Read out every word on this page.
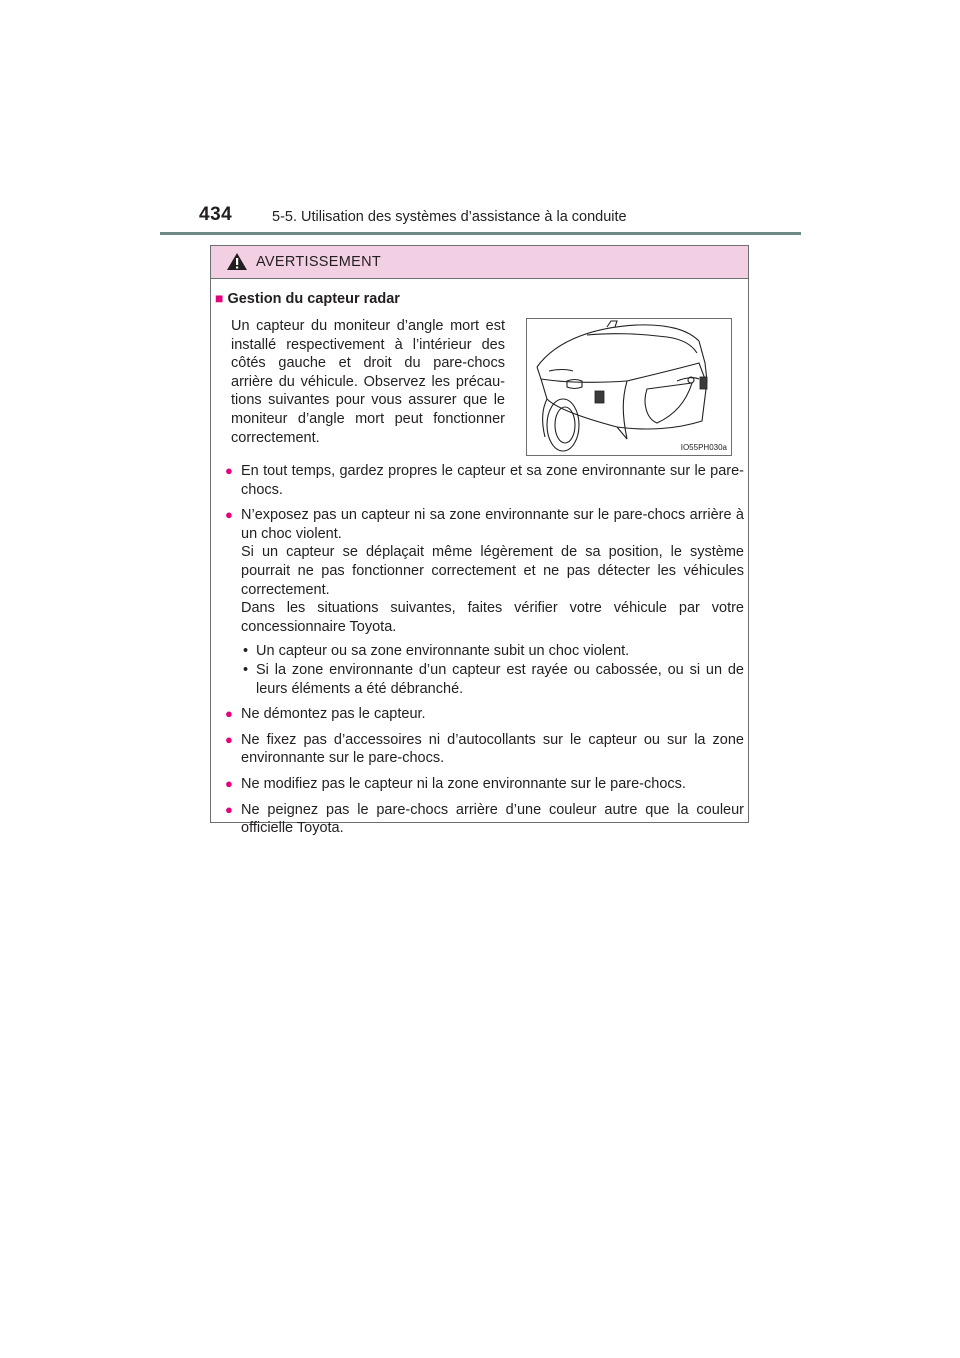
434	5-5. Utilisation des systèmes d’assistance à la conduite
AVERTISSEMENT
■ Gestion du capteur radar
Un capteur du moniteur d’angle mort est installé respectivement à l’intérieur des côtés gauche et droit du pare-chocs arrière du véhicule. Observez les précau-tions suivantes pour vous assurer que le moniteur d’angle mort peut fonctionner correctement.
IO55PH030a
● En tout temps, gardez propres le capteur et sa zone environnante sur le pare-chocs.

● N’exposez pas un capteur ni sa zone environnante sur le pare-chocs arrière à un choc violent.

Si un capteur se déplaçait même légèrement de sa position, le système pourrait ne pas fonctionner correctement et ne pas détecter les véhicules correctement.

Dans les situations suivantes, faites vérifier votre véhicule par votre concessionnaire Toyota.

• Un capteur ou sa zone environnante subit un choc violent.
• Si la zone environnante d’un capteur est rayée ou cabossée, ou si un de leurs éléments a été débranché.
● Ne démontez pas le capteur.

● Ne fixez pas d’accessoires ni d’autocollants sur le capteur ou sur la zone environnante sur le pare-chocs.

● Ne modifiez pas le capteur ni la zone environnante sur le pare-chocs.

● Ne peignez pas le pare-chocs arrière d’une couleur autre que la couleur officielle Toyota.
